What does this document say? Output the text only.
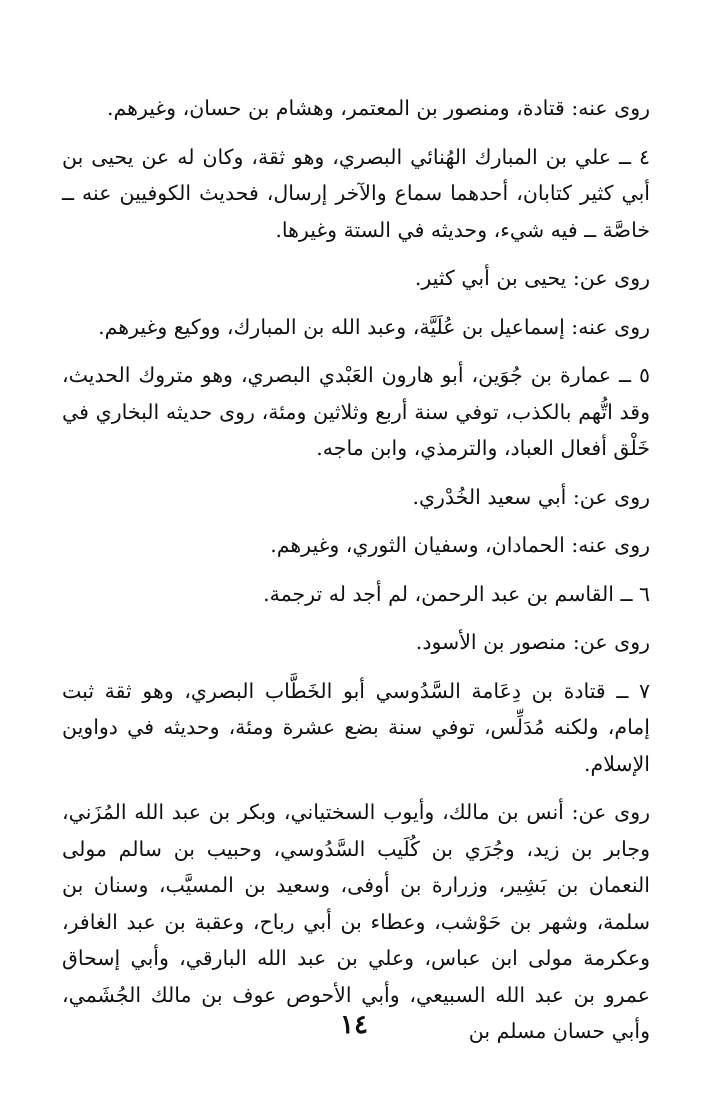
روى عنه: قتادة، ومنصور بن المعتمر، وهشام بن حسان، وغيرهم.

٤ ــ علي بن المبارك الهُنائي البصري، وهو ثقة، وكان له عن يحيى بن أبي كثير كتابان، أحدهما سماع والآخر إرسال، فحديث الكوفيين عنه ــ خاصَّة ــ فيه شيء، وحديثه في الستة وغيرها.

روى عن: يحيى بن أبي كثير.

روى عنه: إسماعيل بن عُلَيَّة، وعبد الله بن المبارك، ووكيع وغيرهم.

٥ ــ عمارة بن جُوَين، أبو هارون العَبْدي البصري، وهو متروك الحديث، وقد اتُّهم بالكذب، توفي سنة أربع وثلاثين ومئة، روى حديثه البخاري في خَلْق أفعال العباد، والترمذي، وابن ماجه.

روى عن: أبي سعيد الخُدْري.

روى عنه: الحمادان، وسفيان الثوري، وغيرهم.

٦ ــ القاسم بن عبد الرحمن، لم أجد له ترجمة.

روى عن: منصور بن الأسود.

٧ ــ قتادة بن دِعَامة السَّدُوسي أبو الخَطَّاب البصري، وهو ثقة ثبت إمام، ولكنه مُدَلِّس، توفي سنة بضع عشرة ومئة، وحديثه في دواوين الإسلام.

روى عن: أنس بن مالك، وأيوب السختياني، وبكر بن عبد الله المُزَني، وجابر بن زيد، وجُرَي بن كُلَيب السَّدُوسي، وحبيب بن سالم مولى النعمان بن بَشِير، وزرارة بن أوفى، وسعيد بن المسيَّب، وسنان بن سلمة، وشهر بن حَوْشب، وعطاء بن أبي رباح، وعقبة بن عبد الغافر، وعكرمة مولى ابن عباس، وعلي بن عبد الله البارقي، وأبي إسحاق عمرو بن عبد الله السبيعي، وأبي الأحوص عوف بن مالك الجُشَمي، وأبي حسان مسلم بن

١٤
